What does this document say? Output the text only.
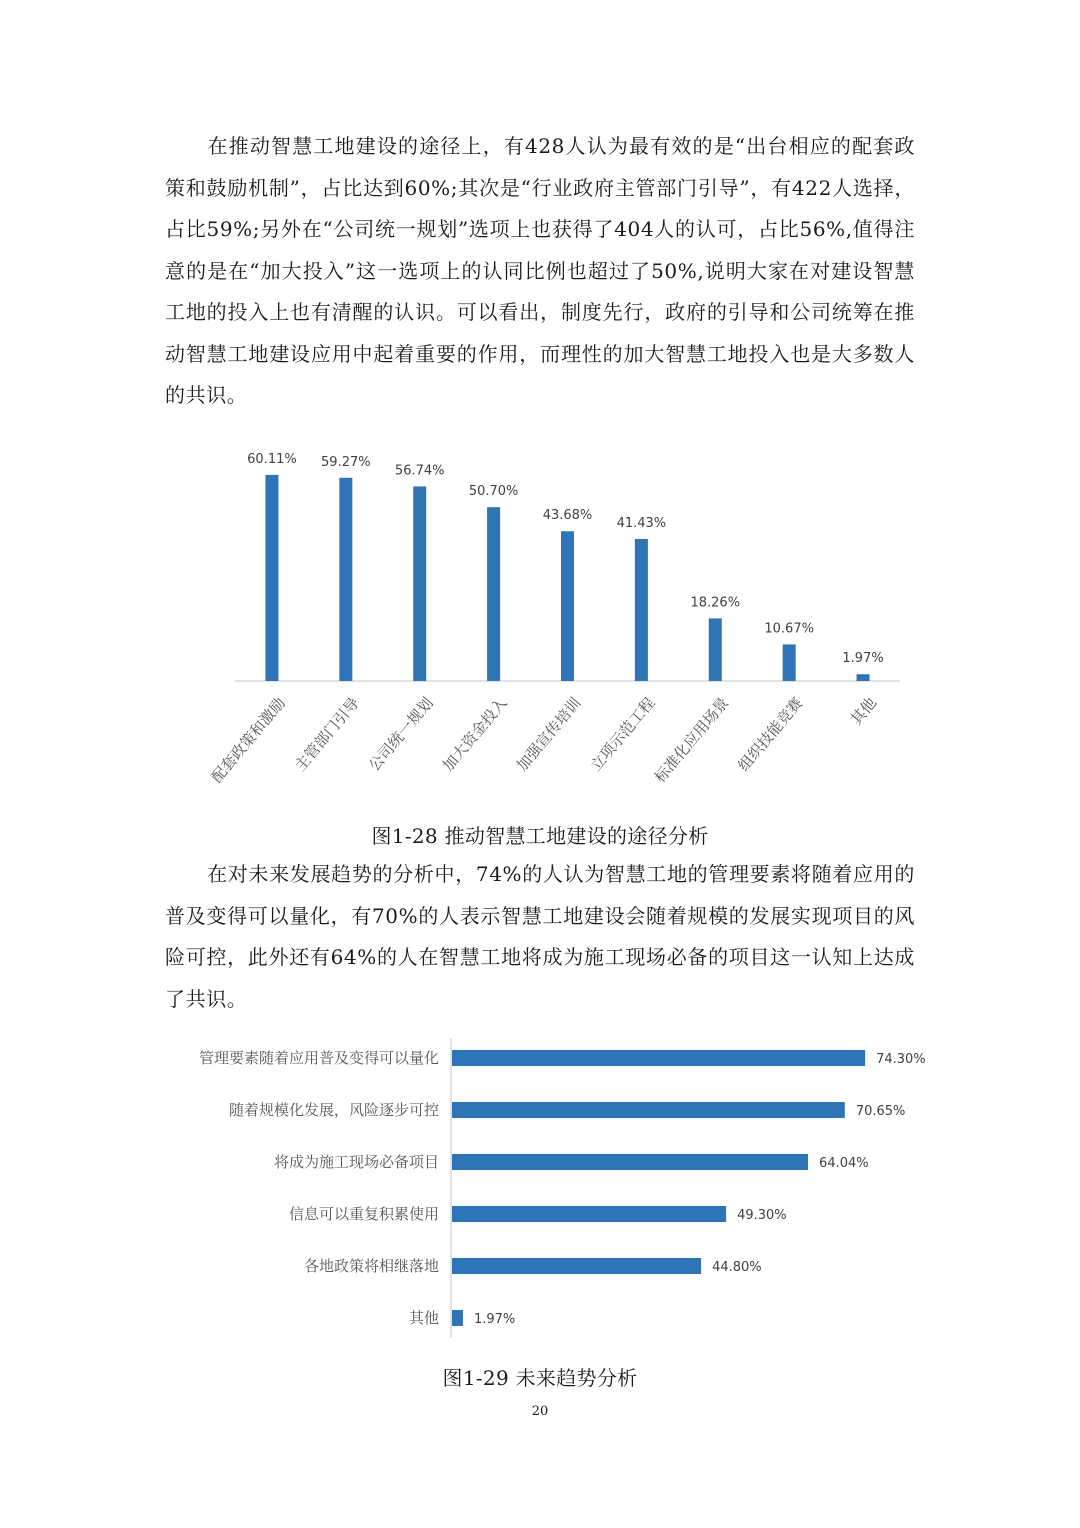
在推动智慧工地建设的途径上，有428人认为最有效的是“出台相应的配套政策和鼓励机制”，占比达到60%;其次是“行业政府主管部门引导”，有422人选择，占比59%;另外在“公司统一规划”选项上也获得了404人的认可，占比56%,值得注意的是在“加大投入”这一选项上的认同比例也超过了50%,说明大家在对建设智慧工地的投入上也有清醒的认识。可以看出，制度先行，政府的引导和公司统筹在推动智慧工地建设应用中起着重要的作用，而理性的加大智慧工地投入也是大多数人的共识。

60.11%
配套政策和激励
59.27%
主管部门引导
56.74%
公司统一规划
50.70%
加大资金投入
43.68%
加强宣传培训
41.43%
立项示范工程
18.26%
标准化应用场景
10.67%
组织技能竞赛
1.97%
其他

图1-28 推动智慧工地建设的途径分析

在对未来发展趋势的分析中，74%的人认为智慧工地的管理要素将随着应用的普及变得可以量化，有70%的人表示智慧工地建设会随着规模的发展实现项目的风险可控，此外还有64%的人在智慧工地将成为施工现场必备的项目这一认知上达成了共识。

74.30%
管理要素随着应用普及变得可以量化
70.65%
随着规模化发展，风险逐步可控
64.04%
将成为施工现场必备项目
49.30%
信息可以重复积累使用
44.80%
各地政策将相继落地
1.97%
其他

图1-29 未来趋势分析

20
